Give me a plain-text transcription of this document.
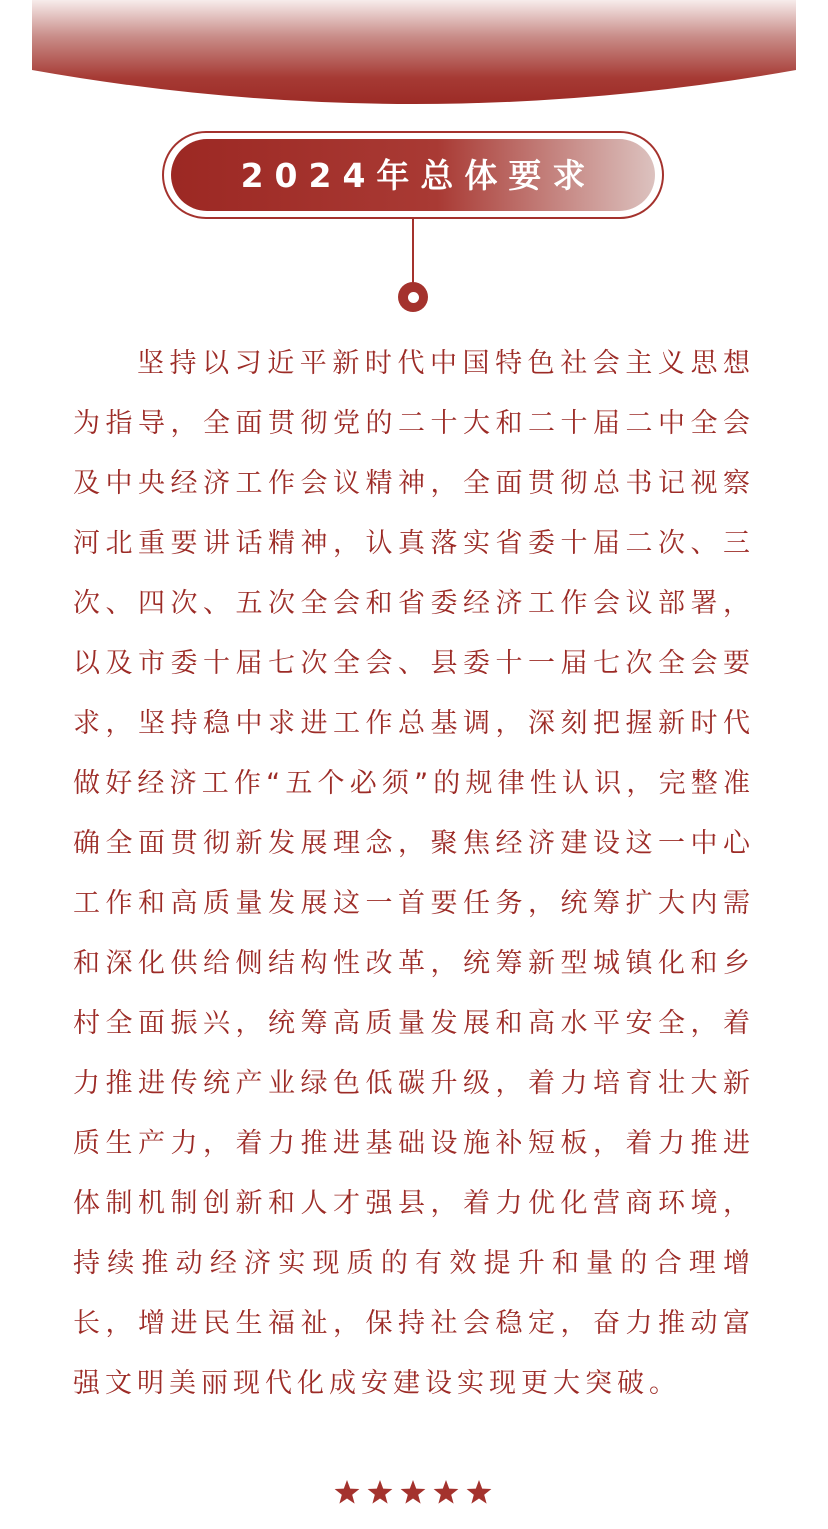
2024年总体要求

坚持以习近平新时代中国特色社会主义思想为指导，全面贯彻党的二十大和二十届二中全会及中央经济工作会议精神，全面贯彻总书记视察河北重要讲话精神，认真落实省委十届二次、三次、四次、五次全会和省委经济工作会议部署，以及市委十届七次全会、县委十一届七次全会要求，坚持稳中求进工作总基调，深刻把握新时代做好经济工作“五个必须”的规律性认识，完整准确全面贯彻新发展理念，聚焦经济建设这一中心工作和高质量发展这一首要任务，统筹扩大内需和深化供给侧结构性改革，统筹新型城镇化和乡村全面振兴，统筹高质量发展和高水平安全，着力推进传统产业绿色低碳升级，着力培育壮大新质生产力，着力推进基础设施补短板，着力推进体制机制创新和人才强县，着力优化营商环境，持续推动经济实现质的有效提升和量的合理增长，增进民生福祉，保持社会稳定，奋力推动富强文明美丽现代化成安建设实现更大突破。
